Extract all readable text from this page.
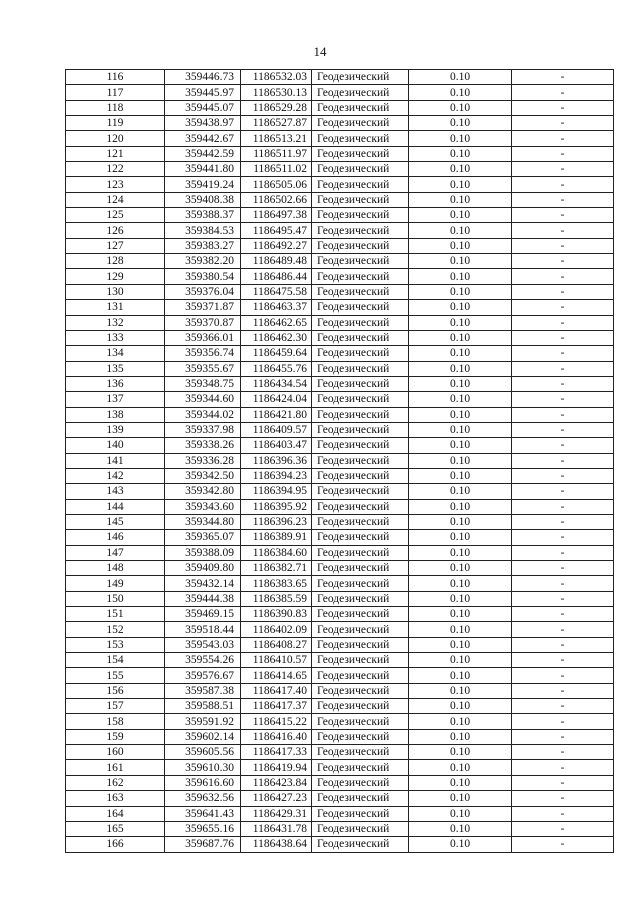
14
116	359446.73	1186532.03	Геодезический	0.10	-
117	359445.97	1186530.13	Геодезический	0.10	-
118	359445.07	1186529.28	Геодезический	0.10	-
119	359438.97	1186527.87	Геодезический	0.10	-
120	359442.67	1186513.21	Геодезический	0.10	-
121	359442.59	1186511.97	Геодезический	0.10	-
122	359441.80	1186511.02	Геодезический	0.10	-
123	359419.24	1186505.06	Геодезический	0.10	-
124	359408.38	1186502.66	Геодезический	0.10	-
125	359388.37	1186497.38	Геодезический	0.10	-
126	359384.53	1186495.47	Геодезический	0.10	-
127	359383.27	1186492.27	Геодезический	0.10	-
128	359382.20	1186489.48	Геодезический	0.10	-
129	359380.54	1186486.44	Геодезический	0.10	-
130	359376.04	1186475.58	Геодезический	0.10	-
131	359371.87	1186463.37	Геодезический	0.10	-
132	359370.87	1186462.65	Геодезический	0.10	-
133	359366.01	1186462.30	Геодезический	0.10	-
134	359356.74	1186459.64	Геодезический	0.10	-
135	359355.67	1186455.76	Геодезический	0.10	-
136	359348.75	1186434.54	Геодезический	0.10	-
137	359344.60	1186424.04	Геодезический	0.10	-
138	359344.02	1186421.80	Геодезический	0.10	-
139	359337.98	1186409.57	Геодезический	0.10	-
140	359338.26	1186403.47	Геодезический	0.10	-
141	359336.28	1186396.36	Геодезический	0.10	-
142	359342.50	1186394.23	Геодезический	0.10	-
143	359342.80	1186394.95	Геодезический	0.10	-
144	359343.60	1186395.92	Геодезический	0.10	-
145	359344.80	1186396.23	Геодезический	0.10	-
146	359365.07	1186389.91	Геодезический	0.10	-
147	359388.09	1186384.60	Геодезический	0.10	-
148	359409.80	1186382.71	Геодезический	0.10	-
149	359432.14	1186383.65	Геодезический	0.10	-
150	359444.38	1186385.59	Геодезический	0.10	-
151	359469.15	1186390.83	Геодезический	0.10	-
152	359518.44	1186402.09	Геодезический	0.10	-
153	359543.03	1186408.27	Геодезический	0.10	-
154	359554.26	1186410.57	Геодезический	0.10	-
155	359576.67	1186414.65	Геодезический	0.10	-
156	359587.38	1186417.40	Геодезический	0.10	-
157	359588.51	1186417.37	Геодезический	0.10	-
158	359591.92	1186415.22	Геодезический	0.10	-
159	359602.14	1186416.40	Геодезический	0.10	-
160	359605.56	1186417.33	Геодезический	0.10	-
161	359610.30	1186419.94	Геодезический	0.10	-
162	359616.60	1186423.84	Геодезический	0.10	-
163	359632.56	1186427.23	Геодезический	0.10	-
164	359641.43	1186429.31	Геодезический	0.10	-
165	359655.16	1186431.78	Геодезический	0.10	-
166	359687.76	1186438.64	Геодезический	0.10	-
